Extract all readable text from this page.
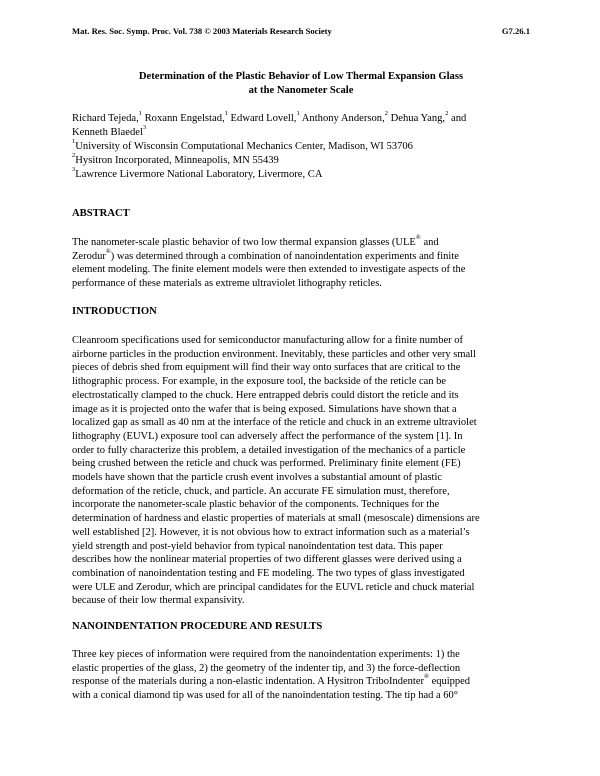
Mat. Res. Soc. Symp. Proc. Vol. 738 © 2003 Materials Research Society	G7.26.1
Determination of the Plastic Behavior of Low Thermal Expansion Glass
at the Nanometer Scale
Richard Tejeda,$^1$ Roxann Engelstad,$^1$ Edward Lovell,$^1$ Anthony Anderson,$^2$ Dehua Yang,$^2$ and
Kenneth Blaedel$^3$
$^1$University of Wisconsin Computational Mechanics Center, Madison, WI 53706
$^2$Hysitron Incorporated, Minneapolis, MN 55439
$^3$Lawrence Livermore National Laboratory, Livermore, CA
ABSTRACT
The nanometer-scale plastic behavior of two low thermal expansion glasses (ULE® and
Zerodur®) was determined through a combination of nanoindentation experiments and finite
element modeling. The finite element models were then extended to investigate aspects of the
performance of these materials as extreme ultraviolet lithography reticles.
INTRODUCTION
Cleanroom specifications used for semiconductor manufacturing allow for a finite number of
airborne particles in the production environment. Inevitably, these particles and other very small
pieces of debris shed from equipment will find their way onto surfaces that are critical to the
lithographic process. For example, in the exposure tool, the backside of the reticle can be
electrostatically clamped to the chuck. Here entrapped debris could distort the reticle and its
image as it is projected onto the wafer that is being exposed. Simulations have shown that a
localized gap as small as 40 nm at the interface of the reticle and chuck in an extreme ultraviolet
lithography (EUVL) exposure tool can adversely affect the performance of the system [1]. In
order to fully characterize this problem, a detailed investigation of the mechanics of a particle
being crushed between the reticle and chuck was performed. Preliminary finite element (FE)
models have shown that the particle crush event involves a substantial amount of plastic
deformation of the reticle, chuck, and particle. An accurate FE simulation must, therefore,
incorporate the nanometer-scale plastic behavior of the components. Techniques for the
determination of hardness and elastic properties of materials at small (mesoscale) dimensions are
well established [2]. However, it is not obvious how to extract information such as a material’s
yield strength and post-yield behavior from typical nanoindentation test data. This paper
describes how the nonlinear material properties of two different glasses were derived using a
combination of nanoindentation testing and FE modeling. The two types of glass investigated
were ULE and Zerodur, which are principal candidates for the EUVL reticle and chuck material
because of their low thermal expansivity.
NANOINDENTATION PROCEDURE AND RESULTS
Three key pieces of information were required from the nanoindentation experiments: 1) the
elastic properties of the glass, 2) the geometry of the indenter tip, and 3) the force-deflection
response of the materials during a non-elastic indentation. A Hysitron TriboIndenter® equipped
with a conical diamond tip was used for all of the nanoindentation testing. The tip had a 60°
